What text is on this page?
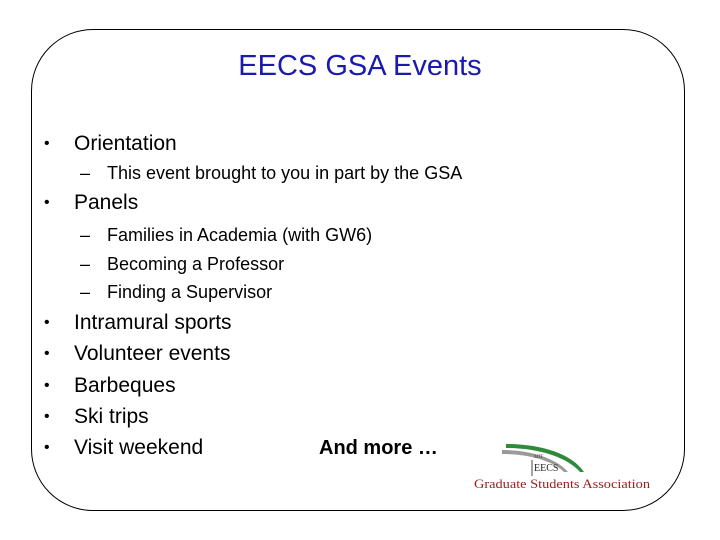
EECS GSA Events
• Orientation
– This event brought to you in part by the GSA
• Panels
– Families in Academia (with GW6)
– Becoming a Professor
– Finding a Supervisor
• Intramural sports
• Volunteer events
• Barbeques
• Ski trips
• Visit weekend	And more …	MIT
EECS
Graduate Students Association
